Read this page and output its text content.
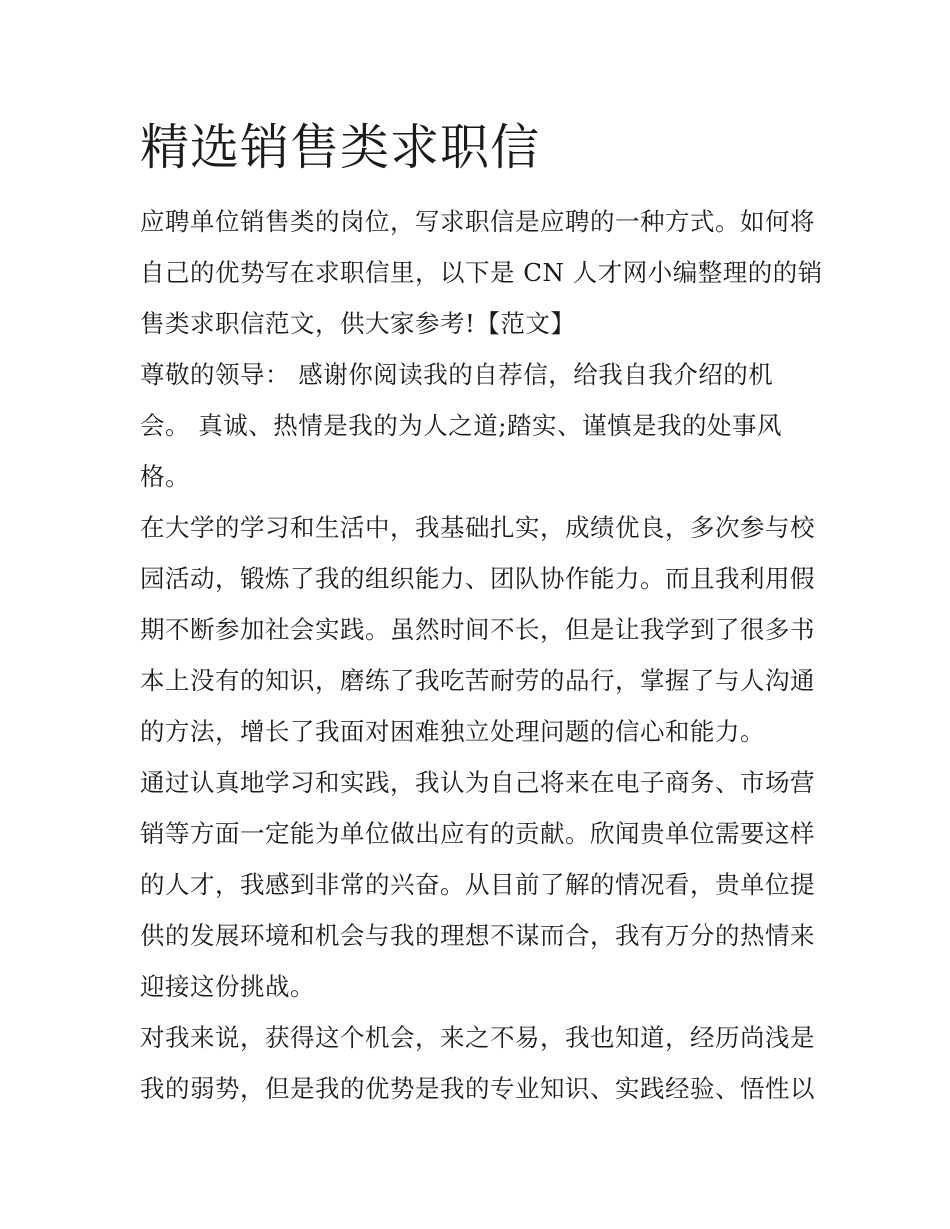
精选销售类求职信
应聘单位销售类的岗位，写求职信是应聘的一种方式。如何将
自己的优势写在求职信里，以下是 CN 人才网小编整理的的销
售类求职信范文，供大家参考!【范文】
尊敬的领导： 感谢你阅读我的自荐信，给我自我介绍的机
会。 真诚、热情是我的为人之道;踏实、谨慎是我的处事风
格。
在大学的学习和生活中，我基础扎实，成绩优良，多次参与校
园活动，锻炼了我的组织能力、团队协作能力。而且我利用假
期不断参加社会实践。虽然时间不长，但是让我学到了很多书
本上没有的知识，磨练了我吃苦耐劳的品行，掌握了与人沟通
的方法，增长了我面对困难独立处理问题的信心和能力。
通过认真地学习和实践，我认为自己将来在电子商务、市场营
销等方面一定能为单位做出应有的贡献。欣闻贵单位需要这样
的人才，我感到非常的兴奋。从目前了解的情况看，贵单位提
供的发展环境和机会与我的理想不谋而合，我有万分的热情来
迎接这份挑战。
对我来说，获得这个机会，来之不易，我也知道，经历尚浅是
我的弱势，但是我的优势是我的专业知识、实践经验、悟性以
